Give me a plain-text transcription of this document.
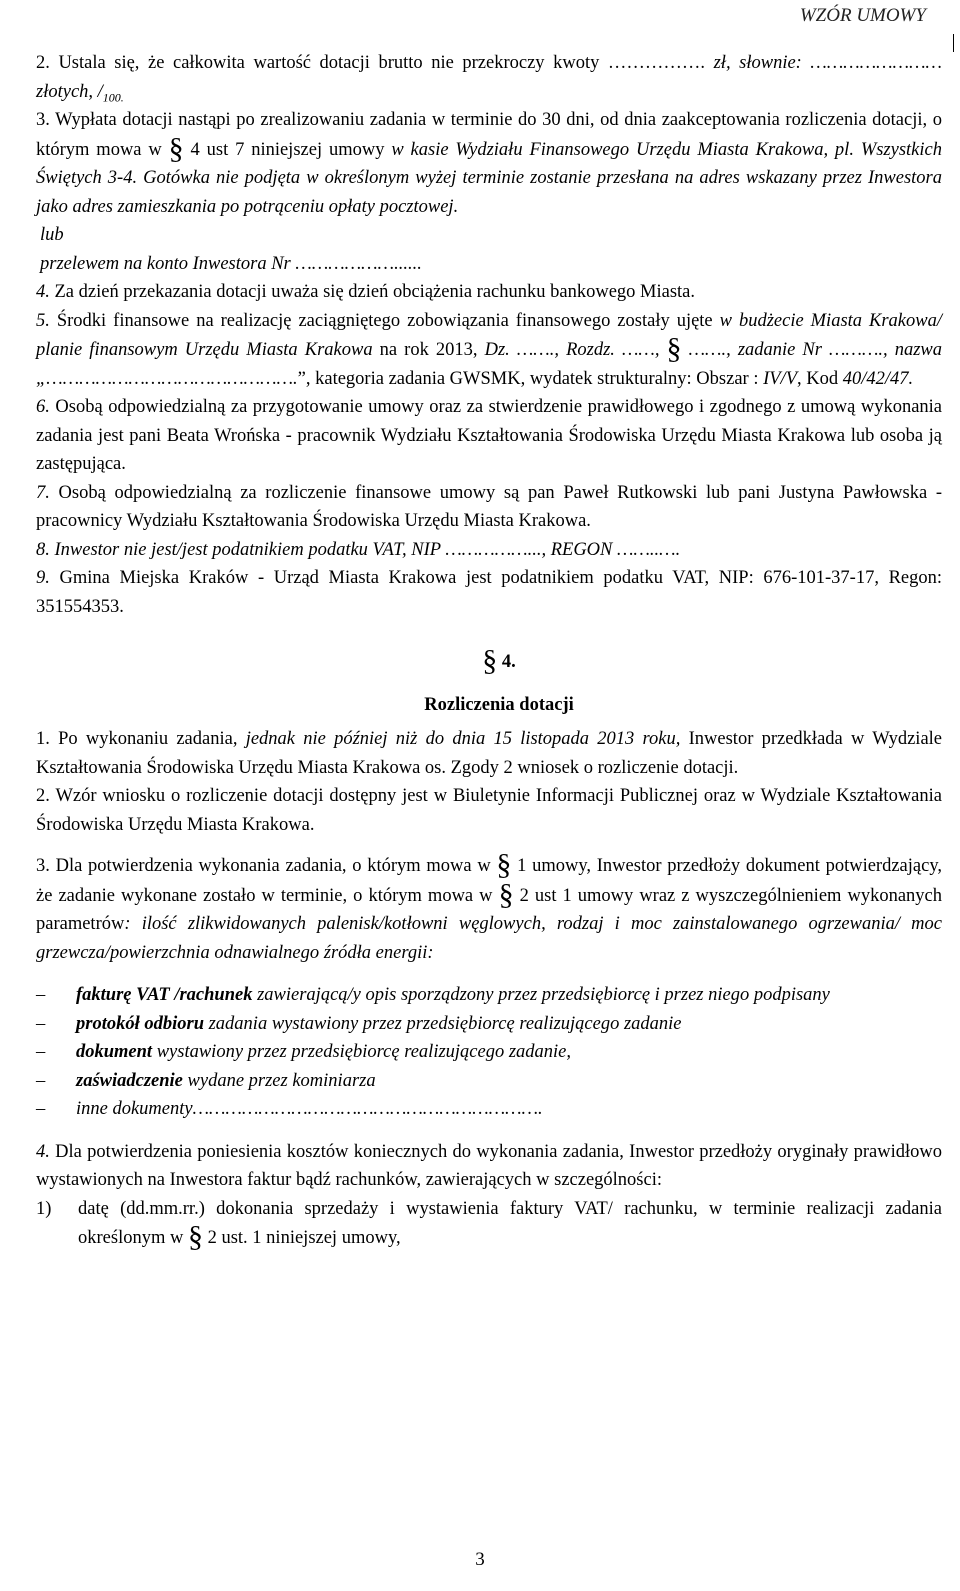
WZÓR UMOWY

2. Ustala się, że całkowita wartość dotacji brutto nie przekroczy kwoty ……………. zł, słownie: …………………… złotych, $/_{100.}$

3. Wypłata dotacji nastąpi po zrealizowaniu zadania w terminie do 30 dni, od dnia zaakceptowania rozliczenia dotacji, o którym mowa w § 4 ust 7 niniejszej umowy w kasie Wydziału Finansowego Urzędu Miasta Krakowa, pl. Wszystkich Świętych 3-4. Gotówka nie podjęta w określonym wyżej terminie zostanie przesłana na adres wskazany przez Inwestora jako adres zamieszkania po potrąceniu opłaty pocztowej.

lub

przelewem na konto Inwestora Nr ………………......

4. Za dzień przekazania dotacji uważa się dzień obciążenia rachunku bankowego Miasta.

5. Środki finansowe na realizację zaciągniętego zobowiązania finansowego zostały ujęte w budżecie Miasta Krakowa/ planie finansowym Urzędu Miasta Krakowa na rok 2013, Dz. ……., Rozdz. ……, § ……., zadanie Nr ………., nazwa „……………………………………….”, kategoria zadania GWSMK, wydatek strukturalny: Obszar : IV/V, Kod 40/42/47.

6. Osobą odpowiedzialną za przygotowanie umowy oraz za stwierdzenie prawidłowego i zgodnego z umową wykonania zadania jest pani Beata Wrońska - pracownik Wydziału Kształtowania Środowiska Urzędu Miasta Krakowa lub osoba ją zastępująca.

7. Osobą odpowiedzialną za rozliczenie finansowe umowy są pan Paweł Rutkowski lub pani Justyna Pawłowska - pracownicy Wydziału Kształtowania Środowiska Urzędu Miasta Krakowa.

8. Inwestor nie jest/jest podatnikiem podatku VAT, NIP ……………..., REGON ……..….

9. Gmina Miejska Kraków - Urząd Miasta Krakowa jest podatnikiem podatku VAT, NIP: 676-101-37-17, Regon: 351554353.

§ 4.

Rozliczenia dotacji

1. Po wykonaniu zadania, jednak nie później niż do dnia 15 listopada 2013 roku, Inwestor przedkłada w Wydziale Kształtowania Środowiska Urzędu Miasta Krakowa os. Zgody 2 wniosek o rozliczenie dotacji.

2. Wzór wniosku o rozliczenie dotacji dostępny jest w Biuletynie Informacji Publicznej oraz w Wydziale Kształtowania Środowiska Urzędu Miasta Krakowa.

3. Dla potwierdzenia wykonania zadania, o którym mowa w § 1 umowy, Inwestor przedłoży dokument potwierdzający, że zadanie wykonane zostało w terminie, o którym mowa w § 2 ust 1 umowy wraz z wyszczególnieniem wykonanych parametrów: ilość zlikwidowanych palenisk/kotłowni węglowych, rodzaj i moc zainstalowanego ogrzewania/ moc grzewcza/powierzchnia odnawialnego źródła energii:

– fakturę VAT /rachunek zawierającą/y opis sporządzony przez przedsiębiorcę i przez niego podpisany
– protokół odbioru zadania wystawiony przez przedsiębiorcę realizującego zadanie
– dokument wystawiony przez przedsiębiorcę realizującego zadanie,
– zaświadczenie wydane przez kominiarza
– inne dokumenty……………………………………………………….

4. Dla potwierdzenia poniesienia kosztów koniecznych do wykonania zadania, Inwestor przedłoży oryginały prawidłowo wystawionych na Inwestora faktur bądź rachunków, zawierających w szczególności:

1) datę (dd.mm.rr.) dokonania sprzedaży i wystawienia faktury VAT/ rachunku, w terminie realizacji zadania określonym w § 2 ust. 1 niniejszej umowy,

3
